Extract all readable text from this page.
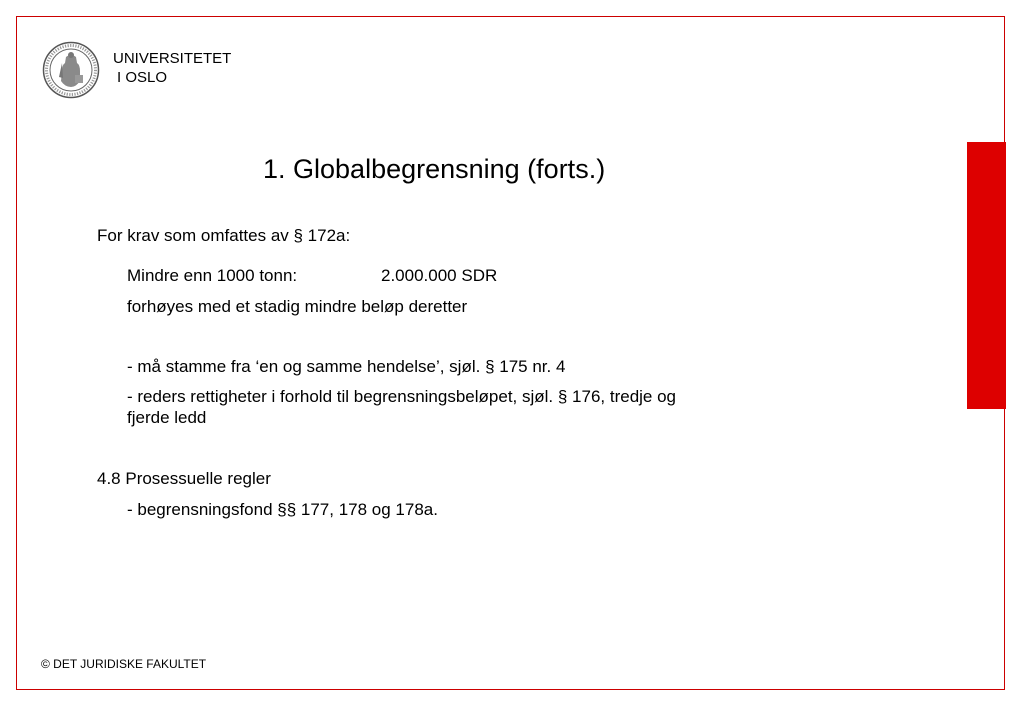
UNIVERSITETET
I OSLO
1. Globalbegrensning (forts.)
For krav som omfattes av § 172a:
Mindre enn 1000 tonn:	2.000.000 SDR
forhøyes med et stadig mindre beløp deretter
- må stamme fra ‘en og samme hendelse’, sjøl. § 175 nr. 4
- reders rettigheter i forhold til begrensningsbeløpet, sjøl. § 176, tredje og
fjerde ledd
4.8 Prosessuelle regler
- begrensningsfond §§ 177, 178 og 178a.
© DET JURIDISKE FAKULTET
